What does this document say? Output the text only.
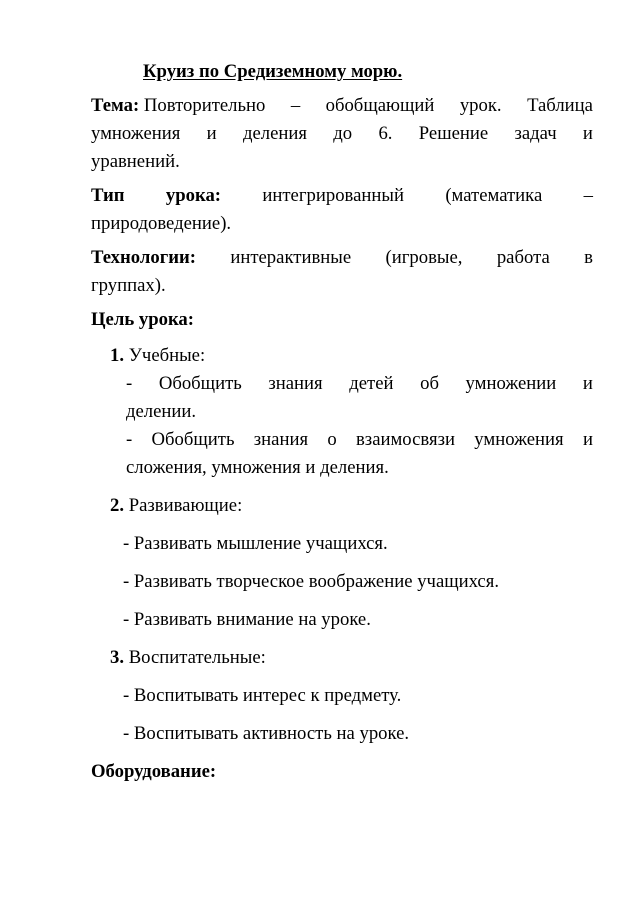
Круиз по Средиземному морю.
Тема: Повторительно – обобщающий урок. Таблица
умножения и деления до 6. Решение задач и
уравнений.
Тип урока: интегрированный (математика –
природоведение).
Технологии: интерактивные (игровые, работа в
группах).
Цель урока:
1. Учебные:
- Обобщить знания детей об умножении и
делении.
- Обобщить знания о взаимосвязи умножения и
сложения, умножения и деления.
2. Развивающие:
- Развивать мышление учащихся.
- Развивать творческое воображение учащихся.
- Развивать внимание на уроке.
3. Воспитательные:
- Воспитывать интерес к предмету.
- Воспитывать активность на уроке.
Оборудование:
